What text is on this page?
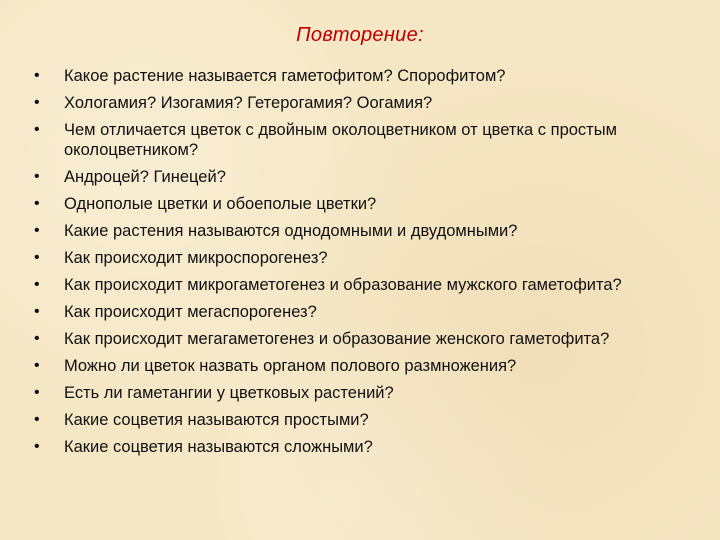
Повторение:
• Какое растение называется гаметофитом? Спорофитом?
• Хологамия? Изогамия? Гетерогамия? Оогамия?
• Чем отличается цветок с двойным околоцветником от цветка с простым околоцветником?
• Андроцей? Гинецей?
• Однополые цветки и обоеполые цветки?
• Какие растения называются однодомными и двудомными?
• Как происходит микроспорогенез?
• Как происходит микрогаметогенез и образование мужского гаметофита?
• Как происходит мегаспорогенез?
• Как происходит мегагаметогенез и образование женского гаметофита?
• Можно ли цветок назвать органом полового размножения?
• Есть ли гаметангии у цветковых растений?
• Какие соцветия называются простыми?
• Какие соцветия называются сложными?
